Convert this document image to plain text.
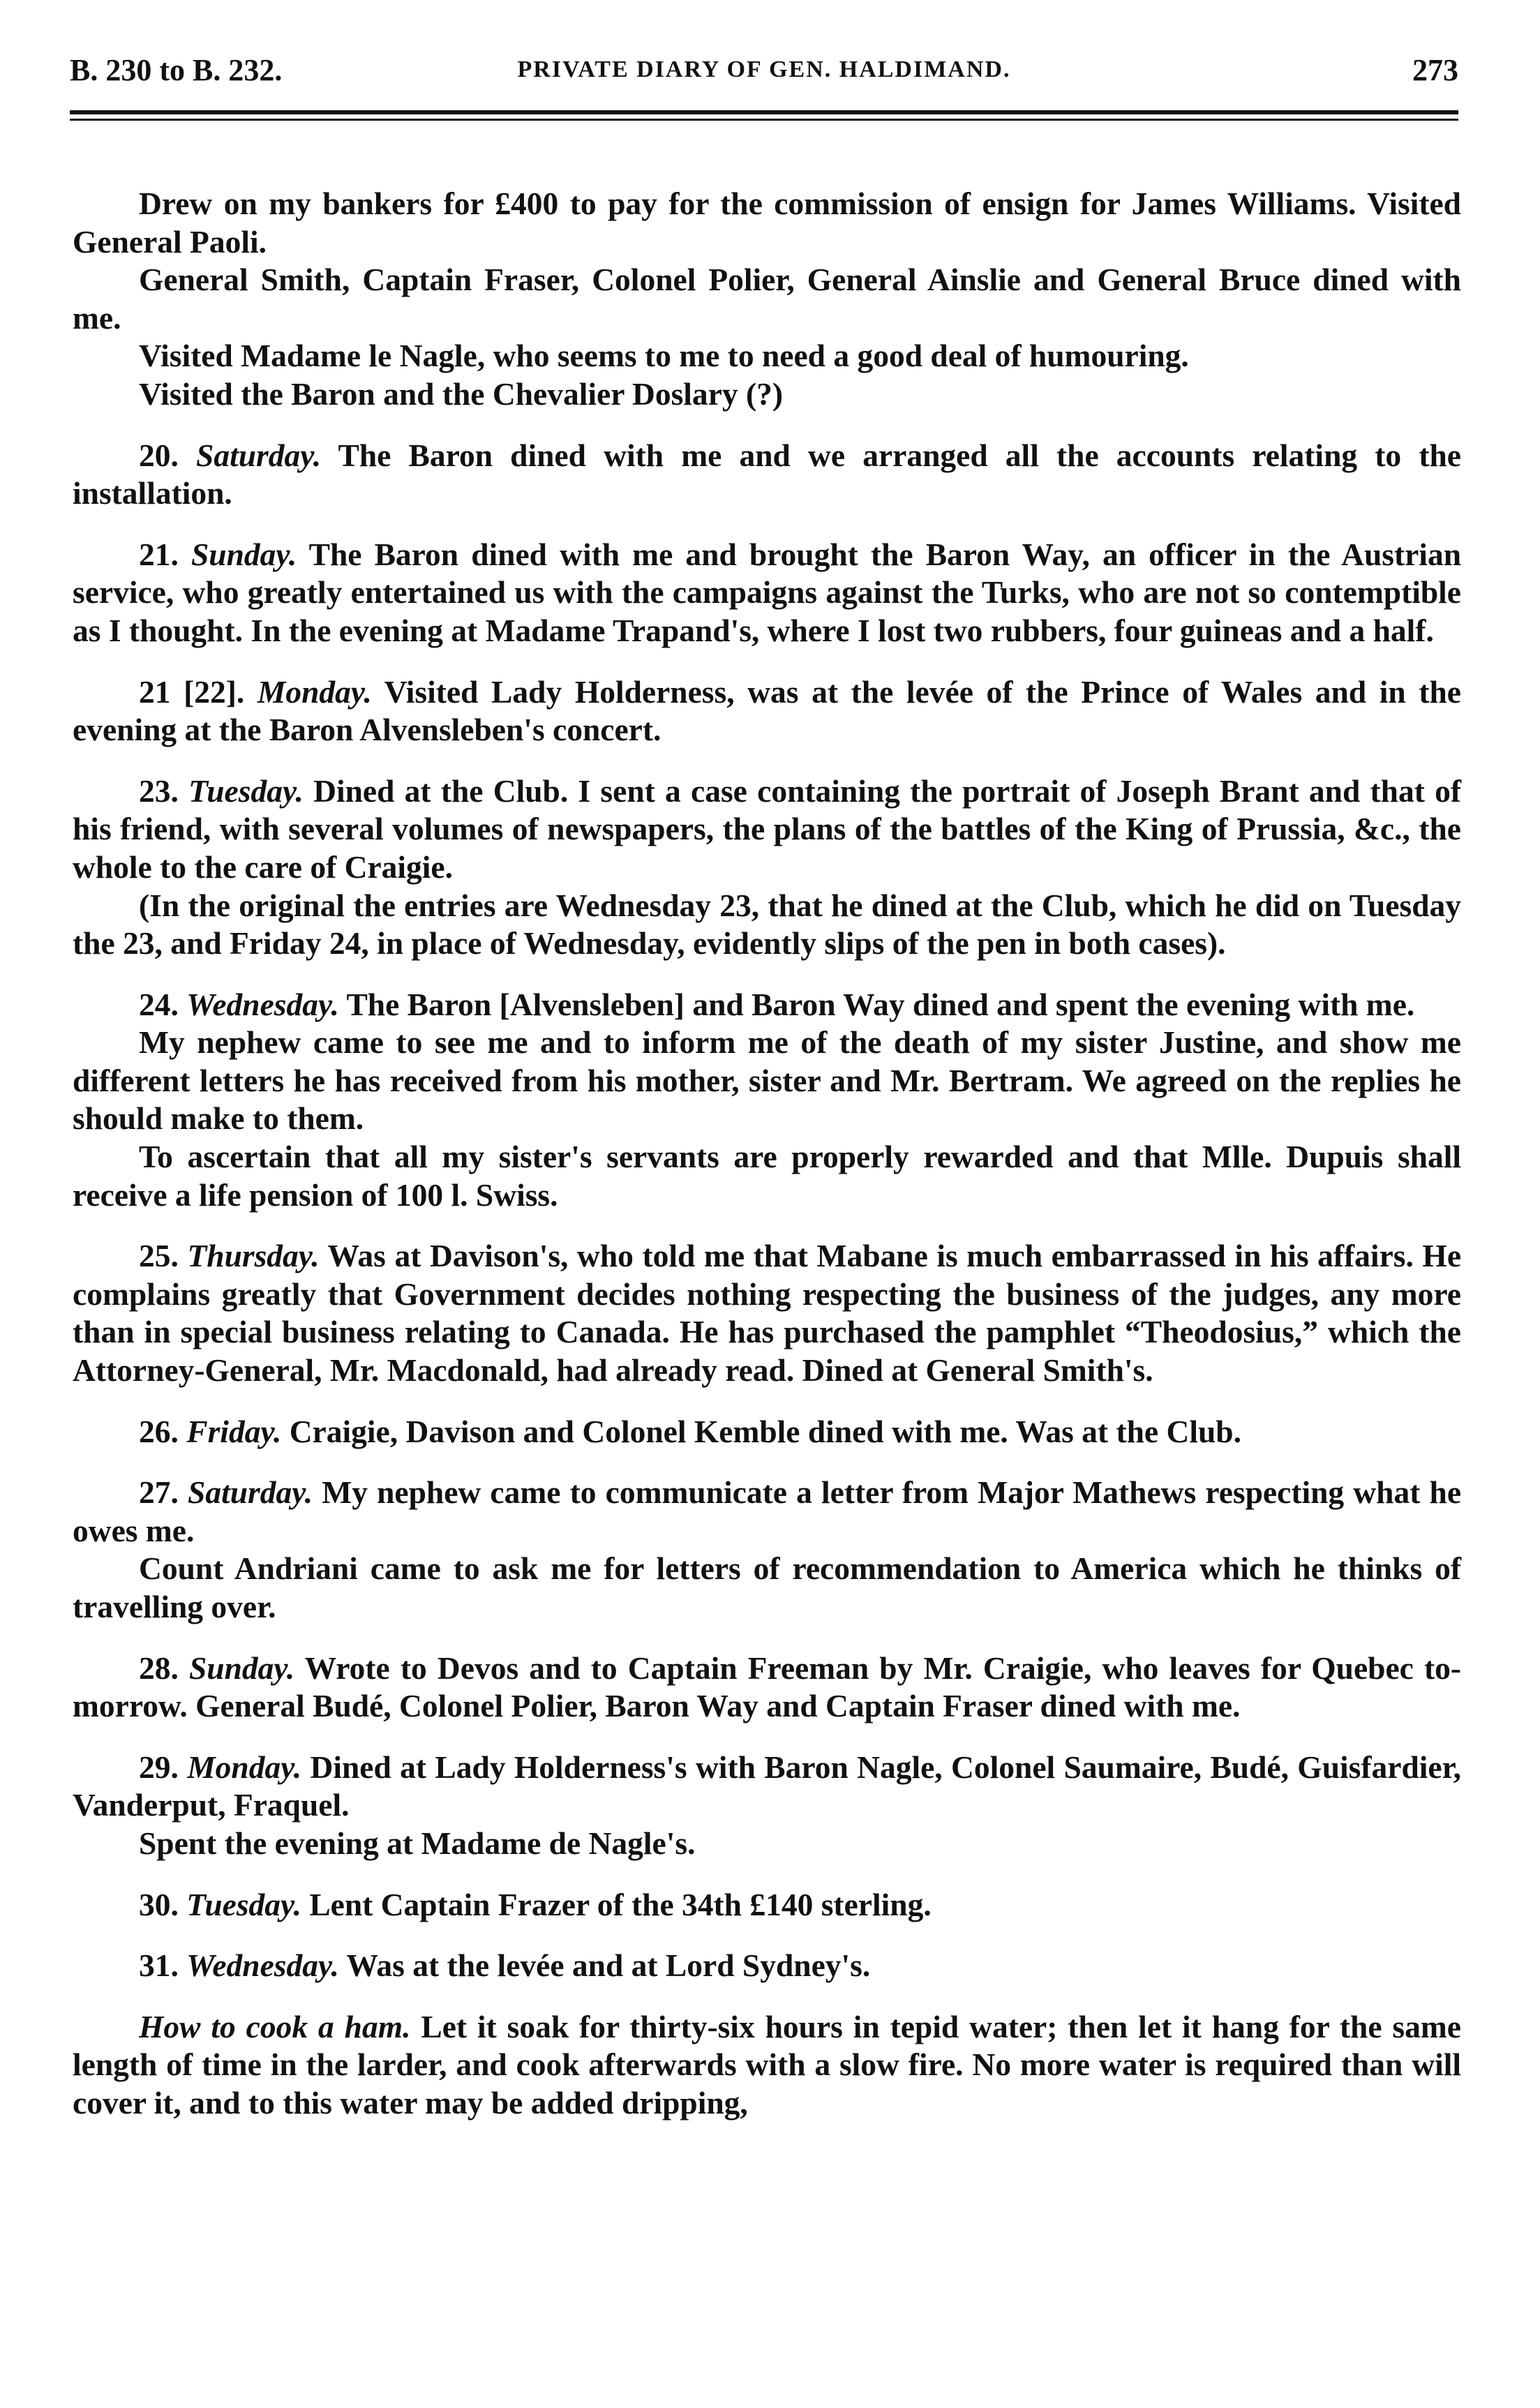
B. 230 to B. 232.	PRIVATE DIARY OF GEN. HALDIMAND.	273

Drew on my bankers for £400 to pay for the commission of ensign for James Williams. Visited General Paoli.

General Smith, Captain Fraser, Colonel Polier, General Ainslie and General Bruce dined with me.

Visited Madame le Nagle, who seems to me to need a good deal of humouring.

Visited the Baron and the Chevalier Doslary (?)

20. Saturday. The Baron dined with me and we arranged all the accounts relating to the installation.

21. Sunday. The Baron dined with me and brought the Baron Way, an officer in the Austrian service, who greatly entertained us with the campaigns against the Turks, who are not so contemptible as I thought. In the evening at Madame Trapand's, where I lost two rubbers, four guineas and a half.

21 [22]. Monday. Visited Lady Holderness, was at the levée of the Prince of Wales and in the evening at the Baron Alvensleben's concert.

23. Tuesday. Dined at the Club. I sent a case containing the portrait of Joseph Brant and that of his friend, with several volumes of newspapers, the plans of the battles of the King of Prussia, &c., the whole to the care of Craigie.

(In the original the entries are Wednesday 23, that he dined at the Club, which he did on Tuesday the 23, and Friday 24, in place of Wednesday, evidently slips of the pen in both cases).

24. Wednesday. The Baron [Alvensleben] and Baron Way dined and spent the evening with me.

My nephew came to see me and to inform me of the death of my sister Justine, and show me different letters he has received from his mother, sister and Mr. Bertram. We agreed on the replies he should make to them.

To ascertain that all my sister's servants are properly rewarded and that Mlle. Dupuis shall receive a life pension of 100 l. Swiss.

25. Thursday. Was at Davison's, who told me that Mabane is much embarrassed in his affairs. He complains greatly that Government decides nothing respecting the business of the judges, any more than in special business relating to Canada. He has purchased the pamphlet “Theodosius,” which the Attorney-General, Mr. Macdonald, had already read. Dined at General Smith's.

26. Friday. Craigie, Davison and Colonel Kemble dined with me. Was at the Club.

27. Saturday. My nephew came to communicate a letter from Major Mathews respecting what he owes me.

Count Andriani came to ask me for letters of recommendation to America which he thinks of travelling over.

28. Sunday. Wrote to Devos and to Captain Freeman by Mr. Craigie, who leaves for Quebec to-morrow. General Budé, Colonel Polier, Baron Way and Captain Fraser dined with me.

29. Monday. Dined at Lady Holderness's with Baron Nagle, Colonel Saumaire, Budé, Guisfardier, Vanderput, Fraquel.

Spent the evening at Madame de Nagle's.

30. Tuesday. Lent Captain Frazer of the 34th £140 sterling.

31. Wednesday. Was at the levée and at Lord Sydney's.

How to cook a ham. Let it soak for thirty-six hours in tepid water; then let it hang for the same length of time in the larder, and cook afterwards with a slow fire. No more water is required than will cover it, and to this water may be added dripping,
